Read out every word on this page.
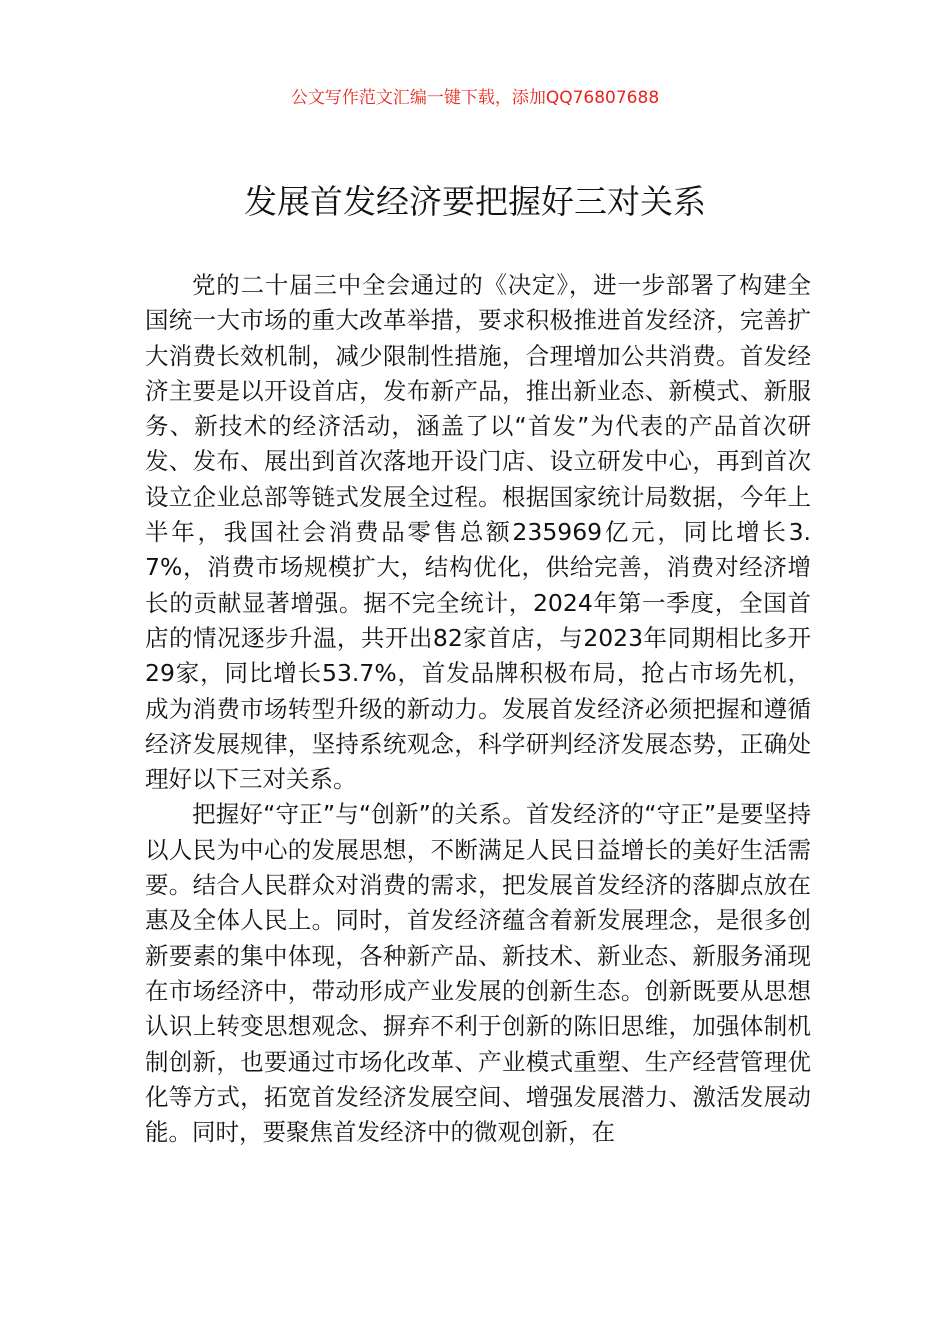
公文写作范文汇编一键下载，添加QQ76807688
发展首发经济要把握好三对关系

党的二十届三中全会通过的《决定》，进一步部署了构建全国统一大市场的重大改革举措，要求积极推进首发经济，完善扩大消费长效机制，减少限制性措施，合理增加公共消费。首发经济主要是以开设首店，发布新产品，推出新业态、新模式、新服务、新技术的经济活动，涵盖了以“首发”为代表的产品首次研发、发布、展出到首次落地开设门店、设立研发中心，再到首次设立企业总部等链式发展全过程。根据国家统计局数据，今年上半年，我国社会消费品零售总额235969亿元，同比增长3.7%，消费市场规模扩大，结构优化，供给完善，消费对经济增长的贡献显著增强。据不完全统计，2024年第一季度，全国首店的情况逐步升温，共开出82家首店，与2023年同期相比多开29家，同比增长53.7%，首发品牌积极布局，抢占市场先机，成为消费市场转型升级的新动力。发展首发经济必须把握和遵循经济发展规律，坚持系统观念，科学研判经济发展态势，正确处理好以下三对关系。

把握好“守正”与“创新”的关系。首发经济的“守正”是要坚持以人民为中心的发展思想，不断满足人民日益增长的美好生活需要。结合人民群众对消费的需求，把发展首发经济的落脚点放在惠及全体人民上。同时，首发经济蕴含着新发展理念，是很多创新要素的集中体现，各种新产品、新技术、新业态、新服务涌现在市场经济中，带动形成产业发展的创新生态。创新既要从思想认识上转变思想观念、摒弃不利于创新的陈旧思维，加强体制机制创新，也要通过市场化改革、产业模式重塑、生产经营管理优化等方式，拓宽首发经济发展空间、增强发展潜力、激活发展动能。同时，要聚焦首发经济中的微观创新，在
